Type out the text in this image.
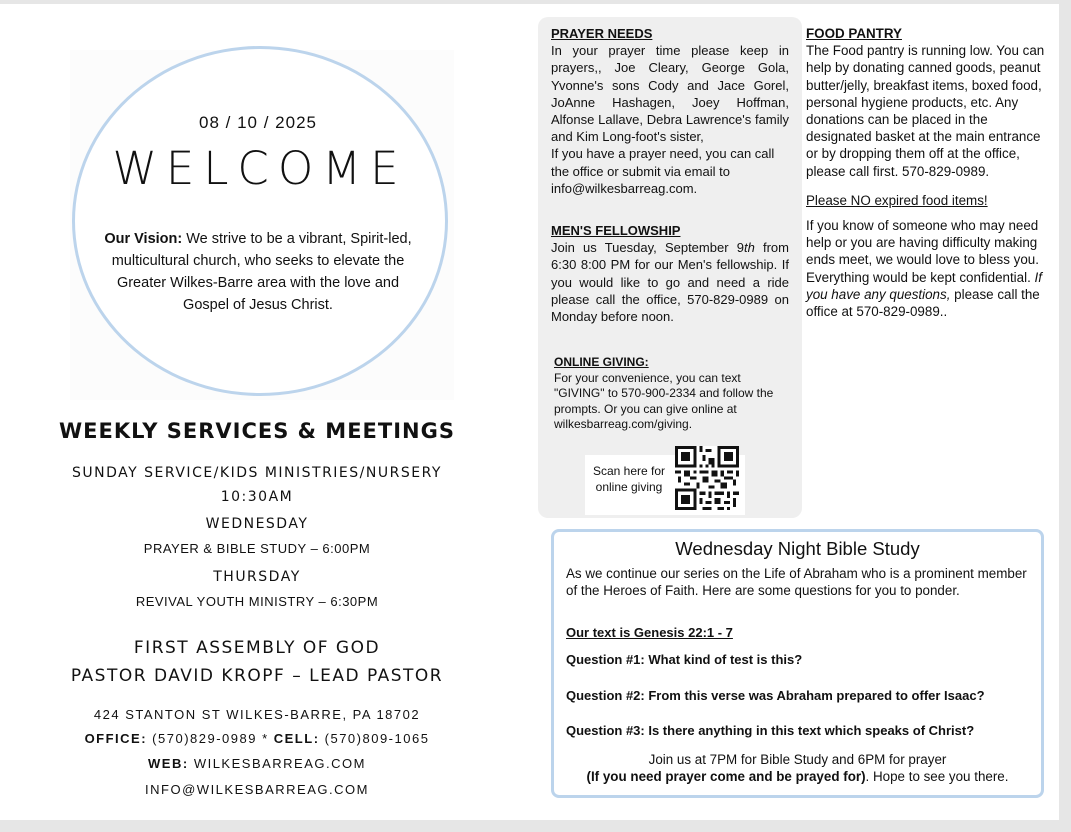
08 / 10 / 2025
WELCOME
Our Vision: We strive to be a vibrant, Spirit-led, multicultural church, who seeks to elevate the Greater Wilkes-Barre area with the love and Gospel of Jesus Christ.
WEEKLY SERVICES & MEETINGS
SUNDAY SERVICE/KIDS MINISTRIES/NURSERY
10:30AM
WEDNESDAY
PRAYER & BIBLE STUDY – 6:00PM
THURSDAY
REVIVAL YOUTH MINISTRY – 6:30PM
FIRST ASSEMBLY OF GOD
PASTOR DAVID KROPF – LEAD PASTOR
424 STANTON ST WILKES-BARRE, PA 18702
OFFICE: (570)829-0989 * CELL: (570)809-1065
WEB: WILKESBARREAG.COM
INFO@WILKESBARREAG.COM
PRAYER NEEDS

In your prayer time please keep in prayers,, Joe Cleary, George Gola, Yvonne's sons Cody and Jace Gorel, JoAnne Hashagen, Joey Hoffman, Alfonse Lallave, Debra Lawrence's family and Kim Long-foot's sister,

If you have a prayer need, you can call the office or submit via email to info@wilkesbarreag.com.

MEN'S FELLOWSHIP

Join us Tuesday, September 9th from 6:30 8:00 PM for our Men's fellowship. If you would like to go and need a ride please call the office, 570-829-0989 on Monday before noon.

ONLINE GIVING:

For your convenience, you can text "GIVING" to 570-900-2334 and follow the prompts. Or you can give online at wilkesbarreag.com/giving.

Scan here for online giving
FOOD PANTRY

The Food pantry is running low. You can help by donating canned goods, peanut butter/jelly, breakfast items, boxed food, personal hygiene products, etc. Any donations can be placed in the designated basket at the main entrance or by dropping them off at the office, please call first. 570-829-0989.

Please NO expired food items!

If you know of someone who may need help or you are having difficulty making ends meet, we would love to bless you. Everything would be kept confidential. If you have any questions, please call the office at 570-829-0989..

Wednesday Night Bible Study
As we continue our series on the Life of Abraham who is a prominent member of the Heroes of Faith. Here are some questions for you to ponder.
Our text is Genesis 22:1 - 7
Question #1: What kind of test is this?
Question #2: From this verse was Abraham prepared to offer Isaac?
Question #3: Is there anything in this text which speaks of Christ?
Join us at 7PM for Bible Study and 6PM for prayer
(If you need prayer come and be prayed for). Hope to see you there.
